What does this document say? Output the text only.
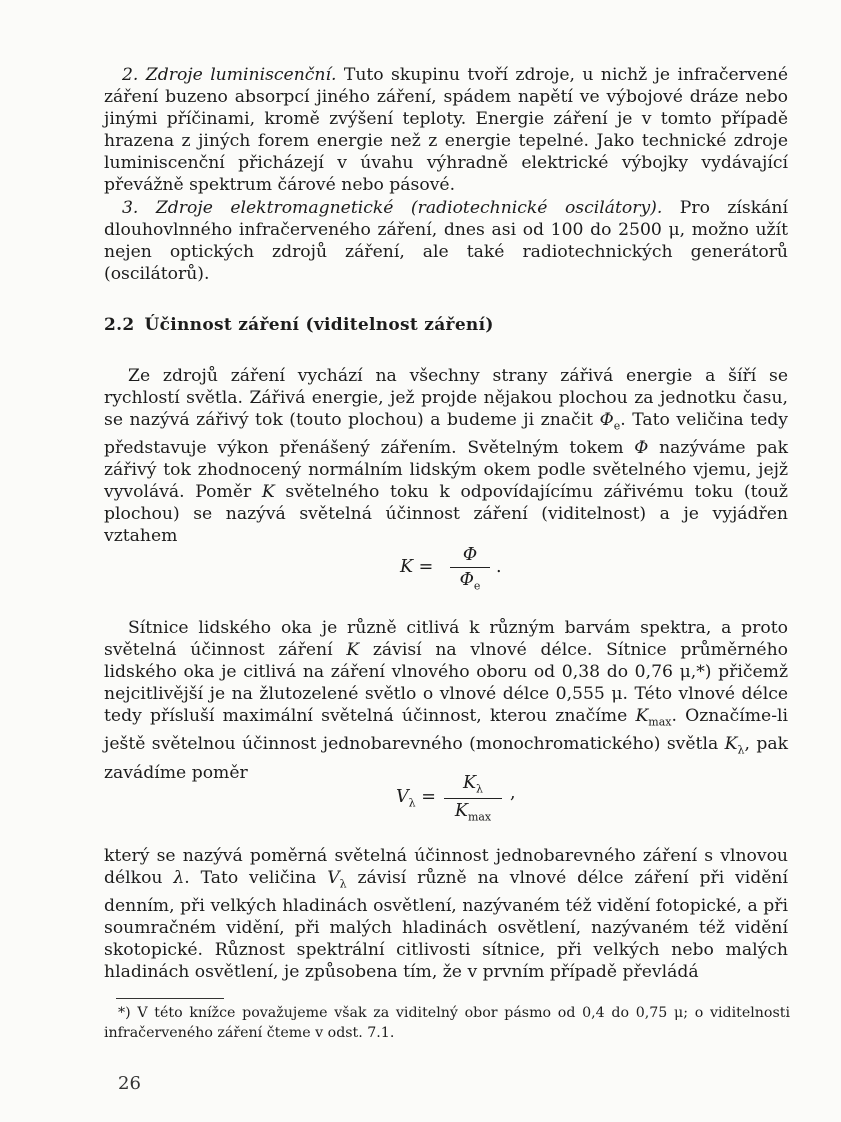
2. Zdroje luminiscenční. Tuto skupinu tvoří zdroje, u nichž je infračervené záření buzeno absorpcí jiného záření, spádem napětí ve výbojové dráze nebo jinými příčinami, kromě zvýšení teploty. Energie záření je v tomto případě hrazena z jiných forem energie než z energie tepelné. Jako technické zdroje luminiscenční přicházejí v úvahu výhradně elektrické výbojky vydávající převážně spektrum čárové nebo pásové.

3. Zdroje elektromagnetické (radiotechnické oscilátory). Pro získání dlouhovlnného infračerveného záření, dnes asi od 100 do 2500 μ, možno užít nejen optických zdrojů záření, ale také radiotechnických generátorů (oscilátorů).

2.2 Účinnost záření (viditelnost záření)

Ze zdrojů záření vychází na všechny strany zářivá energie a šíří se rychlostí světla. Zářivá energie, jež projde nějakou plochou za jednotku času, se nazývá zářivý tok (touto plochou) a budeme ji značit $\Phi_e$. Tato veličina tedy představuje výkon přenášený zářením. Světelným tokem Φ nazýváme pak zářivý tok zhodnocený normálním lidským okem podle světelného vjemu, jejž vyvolává. Poměr K světelného toku k odpovídajícímu zářivému toku (touž plochou) se nazývá světelná účinnost záření (viditelnost) a je vyjádřen vztahem

$K = \frac{\Phi}{\Phi_e}$ .

Sítnice lidského oka je různě citlivá k různým barvám spektra, a proto světelná účinnost záření K závisí na vlnové délce. Sítnice průměrného lidského oka je citlivá na záření vlnového oboru od 0,38 do 0,76 μ,*) přičemž nejcitlivější je na žlutozelené světlo o vlnové délce 0,555 μ. Této vlnové délce tedy přísluší maximální světelná účinnost, kterou značíme $K_{max}$. Označíme-li ještě světelnou účinnost jednobarevného (monochromatického) světla $K_\lambda$, pak zavádíme poměr

$V_\lambda$ =
$K_\lambda$
$K_{max}$
,

který se nazývá poměrná světelná účinnost jednobarevného záření s vlnovou délkou λ. Tato veličina $V_\lambda$ závisí různě na vlnové délce záření při vidění denním, při velkých hladinách osvětlení, nazývaném též vidění fotopické, a při soumračném vidění, při malých hladinách osvětlení, nazývaném též vidění skotopické. Různost spektrální citlivosti sítnice, při velkých nebo malých hladinách osvětlení, je způsobena tím, že v prvním případě převládá

*) V této knížce považujeme však za viditelný obor pásmo od 0,4 do 0,75 μ; o viditelnosti infračerveného záření čteme v odst. 7.1.

26
